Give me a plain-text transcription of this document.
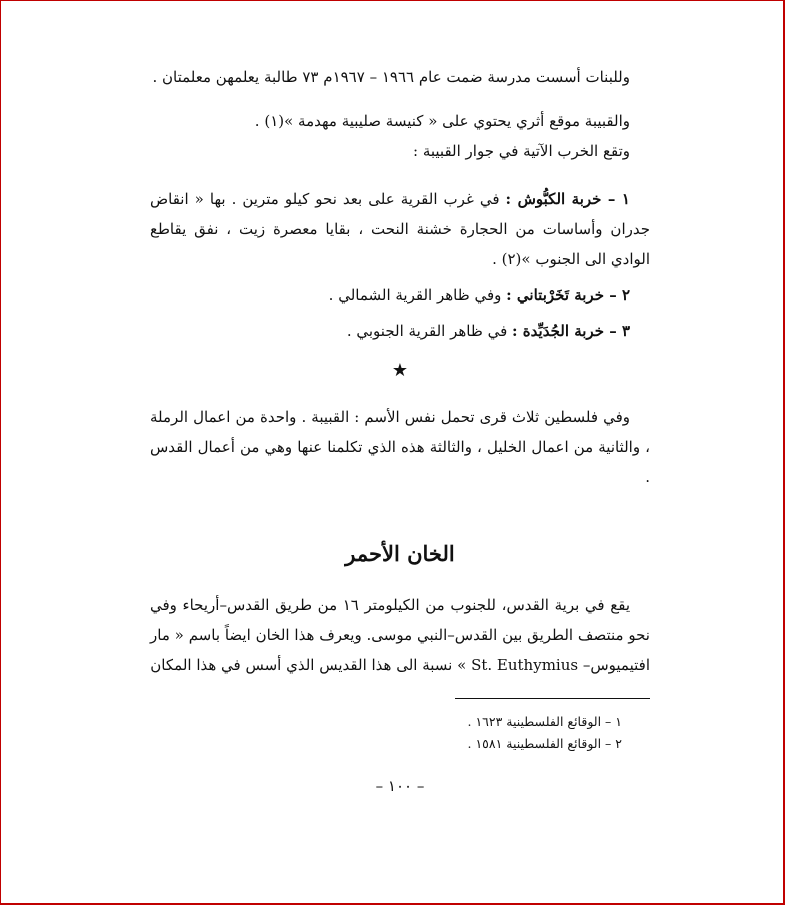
وللبنات أسست مدرسة ضمت عام ١٩٦٦ – ١٩٦٧م ٧٣ طالبة يعلمهن معلمتان .

والقبيبة موقع أثري يحتوي على « كنيسة صليبية مهدمة »(١) .

وتقع الخرب الآتية في جوار القبيبة :

١ – خربة الكبُّوش : في غرب القرية على بعد نحو كيلو مترين . بها « انقاض جدران وأساسات من الحجارة خشنة النحت ، بقايا معصرة زيت ، نفق يقاطع الوادي الى الجنوب »(٢) .

٢ – خربة تَخَرْبتاني : وفي ظاهر القرية الشمالي .

٣ – خربة الجُدَيِّدة : في ظاهر القرية الجنوبي .

★

وفي فلسطين ثلاث قرى تحمل نفس الأسم : القبيبة . واحدة من اعمال الرملة ، والثانية من اعمال الخليل ، والثالثة هذه الذي تكلمنا عنها وهي من أعمال القدس .

الخان الأحمر

يقع في برية القدس، للجنوب من الكيلومتر ١٦ من طريق القدس–أريحاء وفي نحو منتصف الطريق بين القدس–النبي موسى. ويعرف هذا الخان ايضاً باسم « مار افتيميوس– St. Euthymius » نسبة الى هذا القديس الذي أسس في هذا المكان

١ – الوقائع الفلسطينية ١٦٢٣ .
٢ – الوقائع الفلسطينية ١٥٨١ .
– ١٠٠ –
